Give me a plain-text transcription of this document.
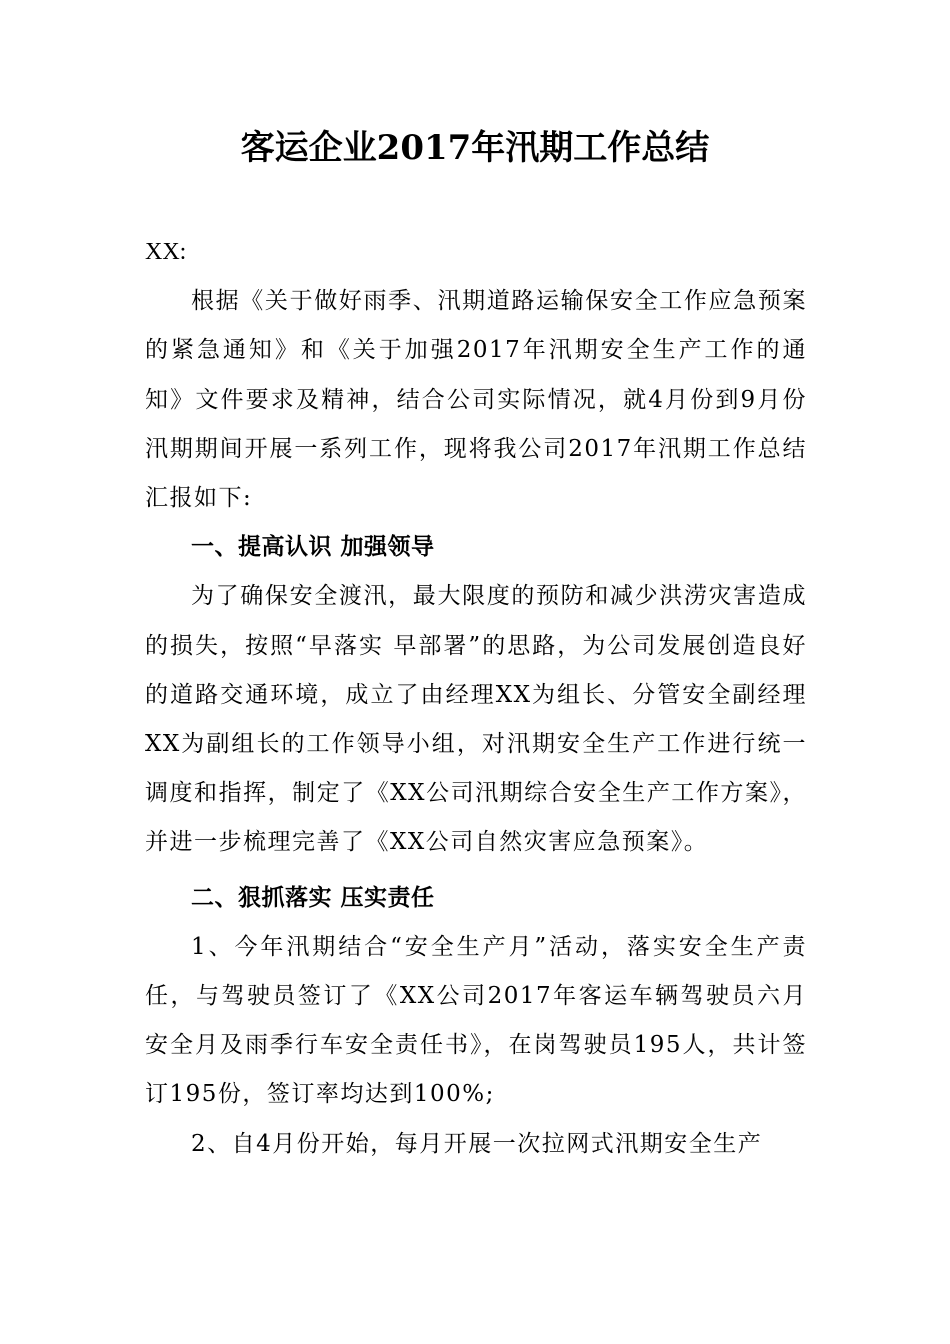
客运企业2017年汛期工作总结

XX:

根据《关于做好雨季、汛期道路运输保安全工作应急预案的紧急通知》和《关于加强2017年汛期安全生产工作的通知》文件要求及精神，结合公司实际情况，就4月份到9月份汛期期间开展一系列工作，现将我公司2017年汛期工作总结汇报如下:

一、提高认识 加强领导

为了确保安全渡汛，最大限度的预防和减少洪涝灾害造成的损失，按照“早落实 早部署”的思路，为公司发展创造良好的道路交通环境，成立了由经理XX为组长、分管安全副经理XX为副组长的工作领导小组，对汛期安全生产工作进行统一调度和指挥，制定了《XX公司汛期综合安全生产工作方案》，并进一步梳理完善了《XX公司自然灾害应急预案》。

二、狠抓落实 压实责任

1、今年汛期结合“安全生产月”活动，落实安全生产责任，与驾驶员签订了《XX公司2017年客运车辆驾驶员六月安全月及雨季行车安全责任书》，在岗驾驶员195人，共计签订195份，签订率均达到100%;

2、自4月份开始，每月开展一次拉网式汛期安全生产
